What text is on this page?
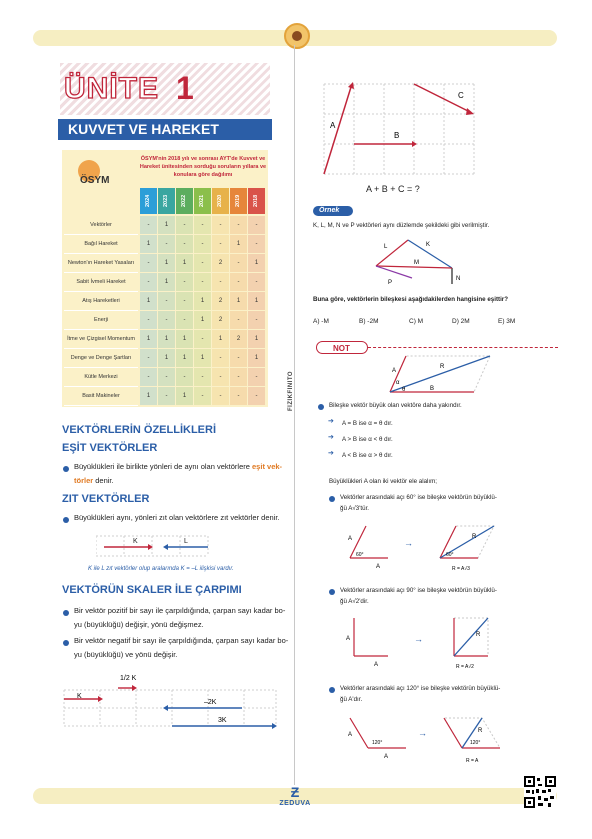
FİZİKFİNİTO
ÜNİTE 1
KUVVET VE HAREKET
ÖSYM
ÖSYM'nin 2018 yılı ve sonrası AYT'de Kuvvet ve Hareket ünitesinden sorduğu soruların yıllara ve konulara göre dağılımı
2024	2023	2022	2021	2020	2019	2018
Vektörler	-	1	-	-	-	-	-
Bağıl Hareket	1	-	-	-	-	1	-
Newton'ın Hareket Yasaları	-	1	1	-	2	-	1
Sabit İvmeli Hareket	-	1	-	-	-	-	-
Atış Hareketleri	1	-	-	1	2	1	1
Enerji	-	-	-	1	2	-	-
İtme ve Çizgisel Momentum	1	1	1	-	1	2	1
Denge ve Denge Şartları	-	1	1	1	-	-	1
Kütle Merkezi	-	-	-	-	-	-	-
Basit Makineler	1	-	1	-	-	-	-
VEKTÖRLERİN ÖZELLİKLERİ
EŞİT VEKTÖRLER
Büyüklükleri ile birlikte yönleri de aynı olan vektörlere eşit vek-
törler denir.
ZIT VEKTÖRLER
Büyüklükleri aynı, yönleri zıt olan vektörlere zıt vektörler denir.
K	L
K ile L zıt vektörler olup aralarında K = –L ilişkisi vardır.
VEKTÖRÜN SKALER İLE ÇARPIMI
Bir vektör pozitif bir sayı ile çarpıldığında, çarpan sayı kadar bo-
yu (büyüklüğü) değişir, yönü değişmez.
Bir vektör negatif bir sayı ile çarpıldığında, çarpan sayı kadar bo-
yu (büyüklüğü) ve yönü değişir.
K
1/2 K
–2K
3K
A
B
C
A + B + C = ?
Örnek
K, L, M, N ve P vektörleri aynı düzlemde şekildeki gibi verilmiştir.
L	K
M
N
P
Buna göre, vektörlerin bileşkesi aşağıdakilerden hangisine eşittir?
A) -M	B) -2M	C) M	D) 2M	E) 3M
NOT
A
B
R
α
θ
Bileşke vektör büyük olan vektöre daha yakındır.
➔ A = B ise α = θ dır.
➔ A > B ise α < θ dır.
➔ A < B ise α > θ dır.
Büyüklükleri A olan iki vektör ele alalım;
Vektörler arasındaki açı 60° ise bileşke vektörün büyüklü-
ğü A√3'tür.
60°
A
A
→
60°
R
R = A√3
Vektörler arasındaki açı 90° ise bileşke vektörün büyüklü-
ğü A√2'dir.
A
A
→	R
R = A√2
Vektörler arasındaki açı 120° ise bileşke vektörün büyüklü-
ğü A'dır.
120°
A
A
→
120°
R
R = A
Ƶ
ZEDUVA
